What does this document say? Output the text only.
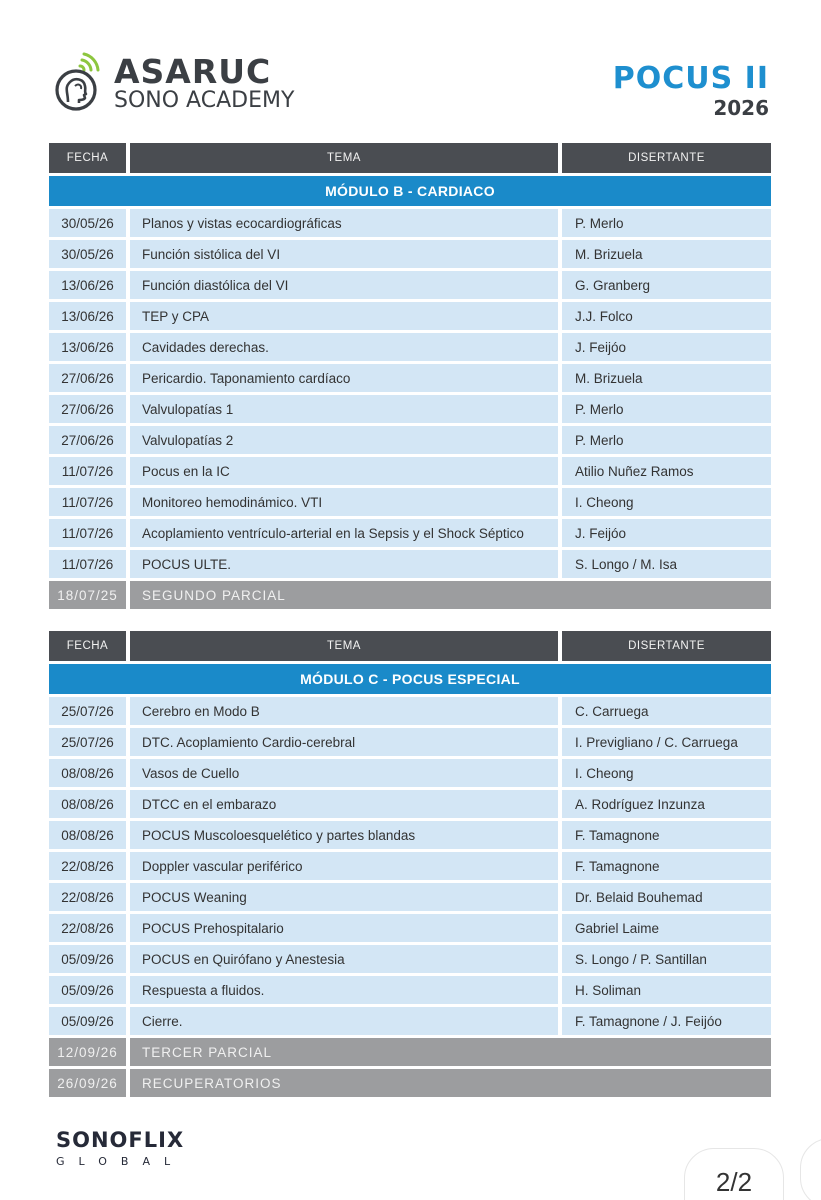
ASARUC
SONO ACADEMY
POCUS II
2026
FECHA	TEMA	DISERTANTE
MÓDULO B - CARDIACO
30/05/26	Planos y vistas ecocardiográficas	P. Merlo
30/05/26	Función sistólica del VI	M. Brizuela
13/06/26	Función diastólica del VI	G. Granberg
13/06/26	TEP y CPA	J.J. Folco
13/06/26	Cavidades derechas.	J. Feijóo
27/06/26	Pericardio. Taponamiento cardíaco	M. Brizuela
27/06/26	Valvulopatías 1	P. Merlo
27/06/26	Valvulopatías 2	P. Merlo
11/07/26	Pocus en la IC	Atilio Nuñez Ramos
11/07/26	Monitoreo hemodinámico. VTI	I. Cheong
11/07/26	Acoplamiento ventrículo-arterial en la Sepsis y el Shock Séptico	J. Feijóo
11/07/26	POCUS ULTE.	S. Longo / M. Isa
18/07/25	SEGUNDO PARCIAL
FECHA	TEMA	DISERTANTE
MÓDULO C - POCUS ESPECIAL
25/07/26	Cerebro en Modo B	C. Carruega
25/07/26	DTC. Acoplamiento Cardio-cerebral	I. Previgliano / C. Carruega
08/08/26	Vasos de Cuello	I. Cheong
08/08/26	DTCC en el embarazo	A. Rodríguez Inzunza
08/08/26	POCUS Muscoloesquelético y partes blandas	F. Tamagnone
22/08/26	Doppler vascular periférico	F. Tamagnone
22/08/26	POCUS Weaning	Dr. Belaid Bouhemad
22/08/26	POCUS Prehospitalario	Gabriel Laime
05/09/26	POCUS en Quirófano y Anestesia	S. Longo / P. Santillan
05/09/26	Respuesta a fluidos.	H. Soliman
05/09/26	Cierre.	F. Tamagnone / J. Feijóo
12/09/26	TERCER PARCIAL
26/09/26	RECUPERATORIOS
SONOFLIX
GLOBAL
2/2
